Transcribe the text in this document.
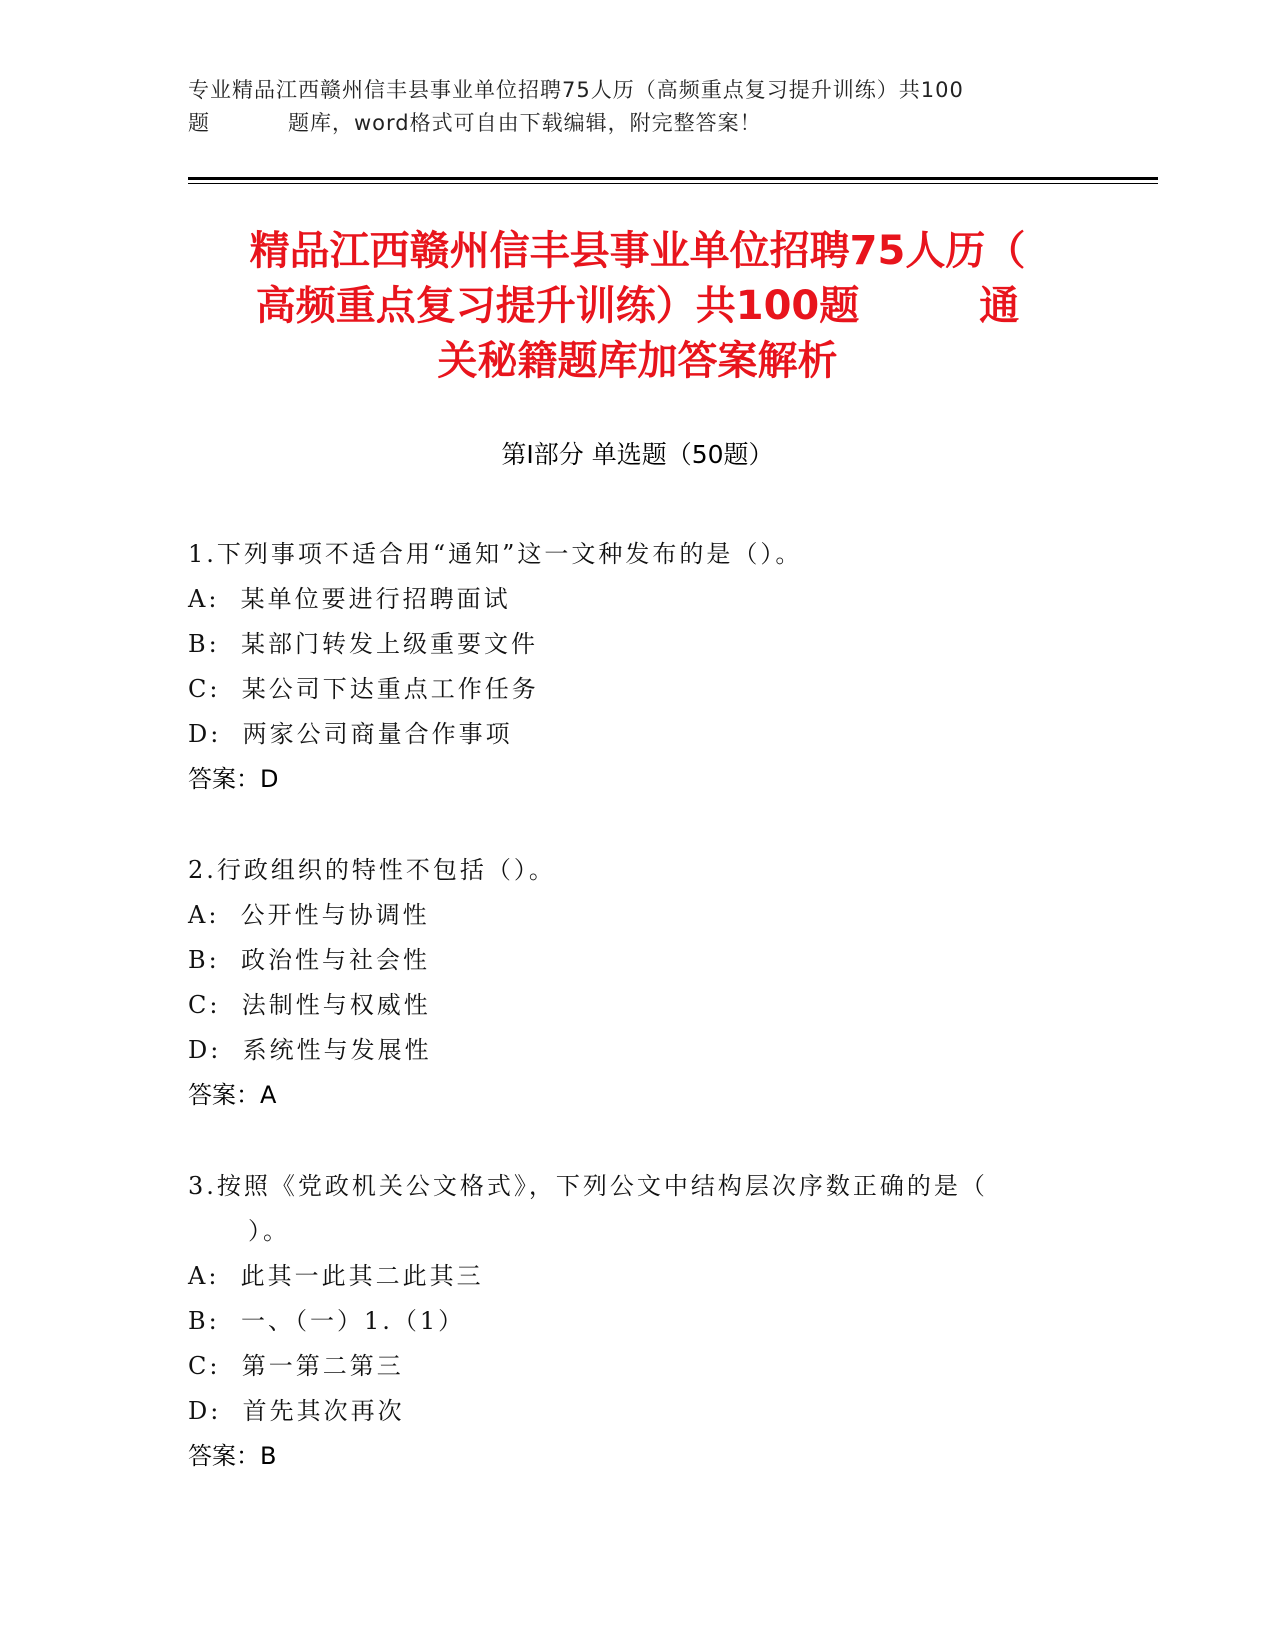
专业精品江西赣州信丰县事业单位招聘75人历（高频重点复习提升训练）共100
题	题库，word格式可自由下载编辑，附完整答案！
精品江西赣州信丰县事业单位招聘75人历（
高频重点复习提升训练）共100题	通
关秘籍题库加答案解析
第Ⅰ部分 单选题（50题）
1.下列事项不适合用“通知”这一文种发布的是（）。
A:  某单位要进行招聘面试
B:  某部门转发上级重要文件
C:  某公司下达重点工作任务
D:  两家公司商量合作事项
答案：D
2.行政组织的特性不包括（）。
A:  公开性与协调性
B:  政治性与社会性
C:  法制性与权威性
D:  系统性与发展性
答案：A
3.按照《党政机关公文格式》，下列公文中结构层次序数正确的是（
）。
A:  此其一此其二此其三
B:  一、（一）1.（1）
C:  第一第二第三
D:  首先其次再次
答案：B
